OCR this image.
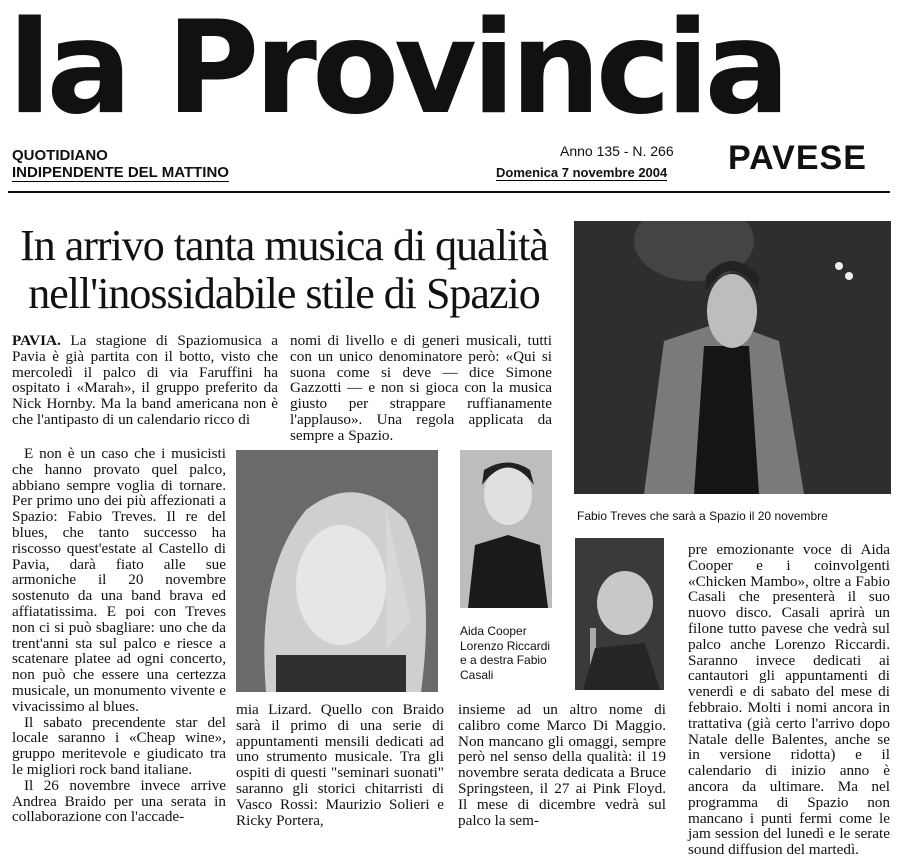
la Provincia
QUOTIDIANO
INDIPENDENTE DEL MATTINO
Anno 135 - N. 266
Domenica 7 novembre 2004 PAVESE
In arrivo tanta musica di qualità
nell'inossidabile stile di Spazio
PAVIA. La stagione di Spaziomusica a Pavia è già partita con il botto, visto che mercoledì il palco di via Faruffini ha ospitato i «Marah», il gruppo preferito da Nick Hornby. Ma la band americana non è che l'antipasto di un calendario ricco di
nomi di livello e di generi musicali, tutti con un unico denominatore però: «Qui si suona come si deve — dice Simone Gazzotti — e non si gioca con la musica giusto per strappare ruffianamente l'applauso». Una regola applicata da sempre a Spazio.
E non è un caso che i musicisti che hanno provato quel palco, abbiano sempre voglia di tornare. Per primo uno dei più affezionati a Spazio: Fabio Treves. Il re del blues, che tanto successo ha riscosso quest'estate al Castello di Pavia, darà fiato alle sue armoniche il 20 novembre sostenuto da una band brava ed affiatatissima. E poi con Treves non ci si può sbagliare: uno che da trent'anni sta sul palco e riesce a scatenare platee ad ogni concerto, non può che essere una certezza musicale, un monumento vivente e vivacissimo al blues.
Il sabato precendente star del locale saranno i «Cheap wine», gruppo meritevole e giudicato tra le migliori rock band italiane.
Il 26 novembre invece arrive Andrea Braido per una serata in collaborazione con l'accade-
Fabio Treves che sarà a Spazio il 20 novembre
Aida Cooper Lorenzo Riccardi e a destra Fabio Casali
mia Lizard. Quello con Braido sarà il primo di una serie di appuntamenti mensili dedicati ad uno strumento musicale. Tra gli ospiti di questi "seminari suonati" saranno gli storici chitarristi di Vasco Rossi: Maurizio Solieri e Ricky Portera,
insieme ad un altro nome di calibro come Marco Di Maggio. Non mancano gli omaggi, sempre però nel senso della qualità: il 19 novembre serata dedicata a Bruce Springsteen, il 27 ai Pink Floyd. Il mese di dicembre vedrà sul palco la sem-
pre emozionante voce di Aida Cooper e i coinvolgenti «Chicken Mambo», oltre a Fabio Casali che presenterà il suo nuovo disco. Casali aprirà un filone tutto pavese che vedrà sul palco anche Lorenzo Riccardi. Saranno invece dedicati ai cantautori gli appuntamenti di venerdì e di sabato del mese di febbraio. Molti i nomi ancora in trattativa (già certo l'arrivo dopo Natale delle Balentes, anche se in versione ridotta) e il calendario di inizio anno è ancora da ultimare. Ma nel programma di Spazio non mancano i punti fermi come le jam session del lunedì e le serate sound diffusion del martedì.
